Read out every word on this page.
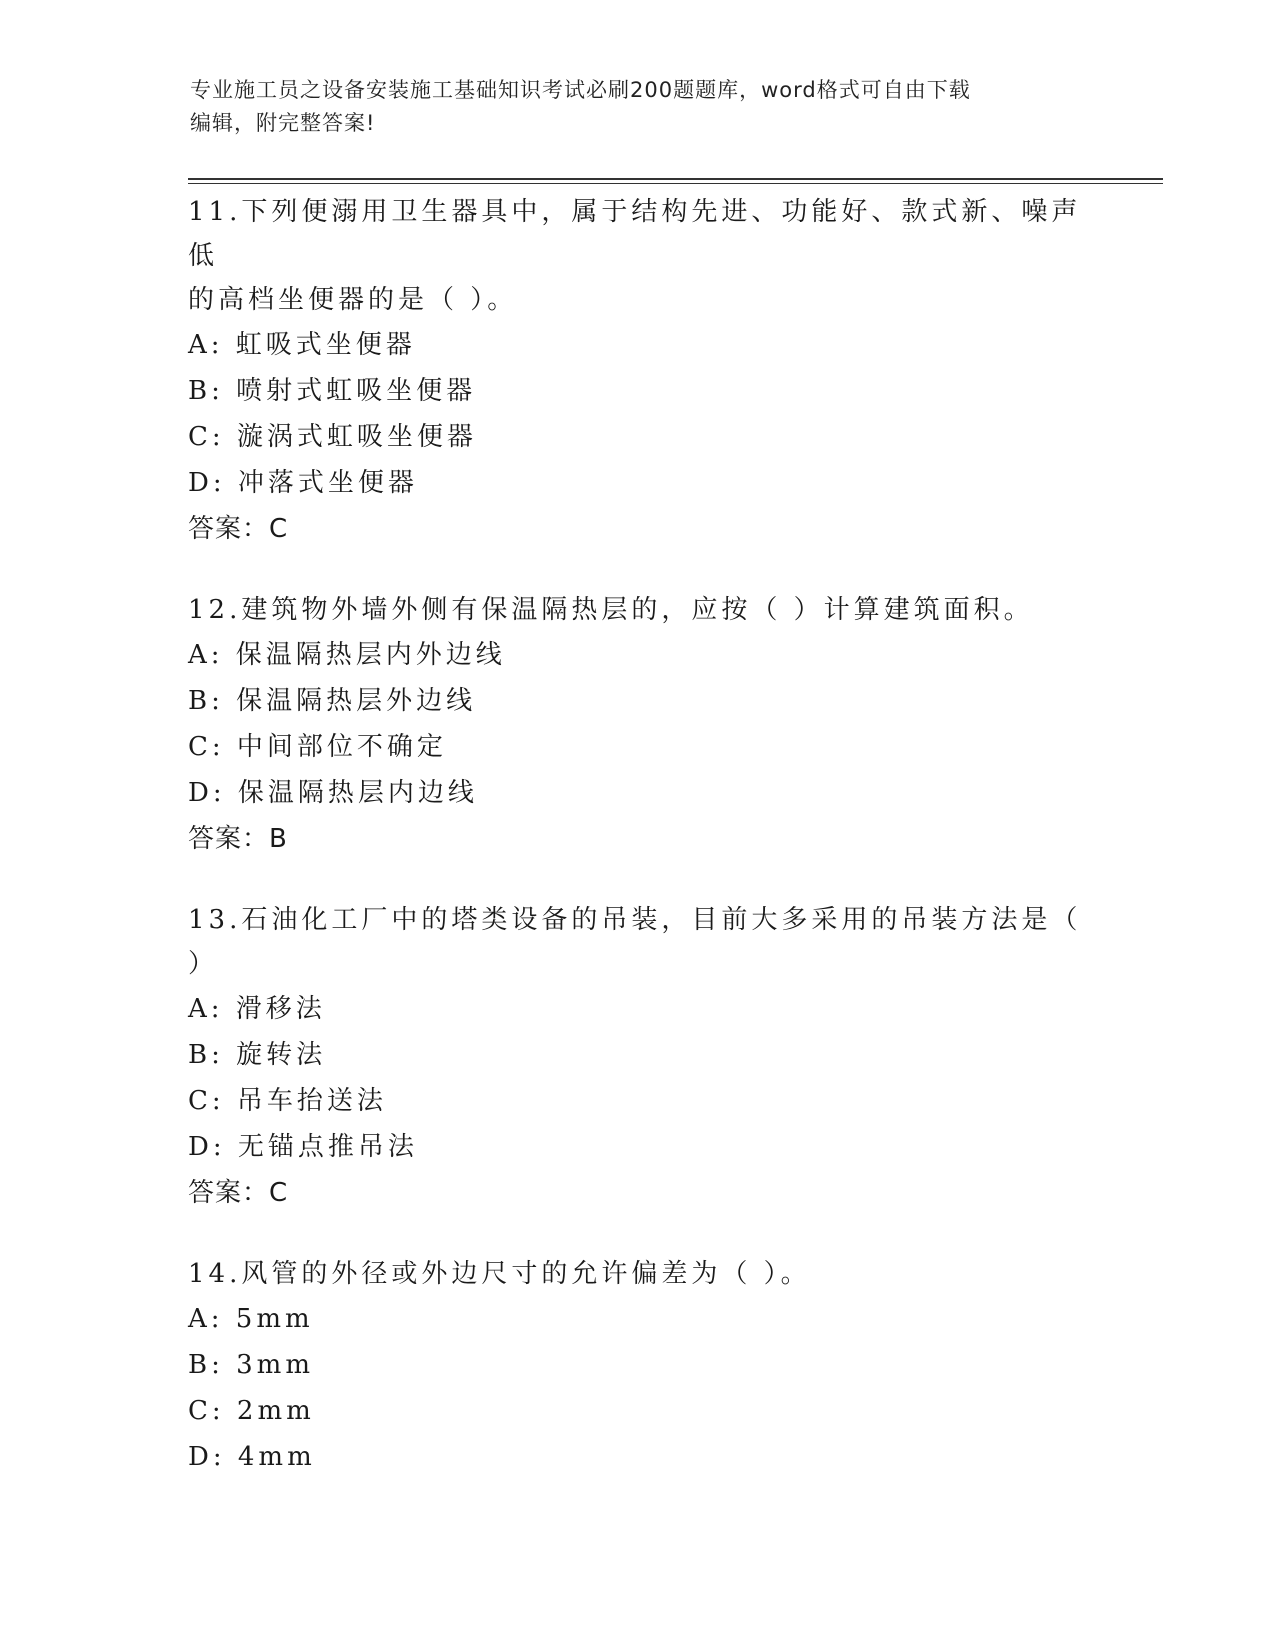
专业施工员之设备安装施工基础知识考试必刷200题题库，word格式可自由下载
编辑，附完整答案!

11.下列便溺用卫生器具中，属于结构先进、功能好、款式新、噪声低

的高档坐便器的是（ ）。

A: 虹吸式坐便器

B: 喷射式虹吸坐便器

C: 漩涡式虹吸坐便器

D: 冲落式坐便器

答案：C

12.建筑物外墙外侧有保温隔热层的，应按（ ）计算建筑面积。

A: 保温隔热层内外边线

B: 保温隔热层外边线

C: 中间部位不确定

D: 保温隔热层内边线

答案：B

13.石油化工厂中的塔类设备的吊装，目前大多采用的吊装方法是（

）

A: 滑移法

B: 旋转法

C: 吊车抬送法

D: 无锚点推吊法

答案：C

14.风管的外径或外边尺寸的允许偏差为（ ）。

A: 5mm

B: 3mm

C: 2mm

D: 4mm
